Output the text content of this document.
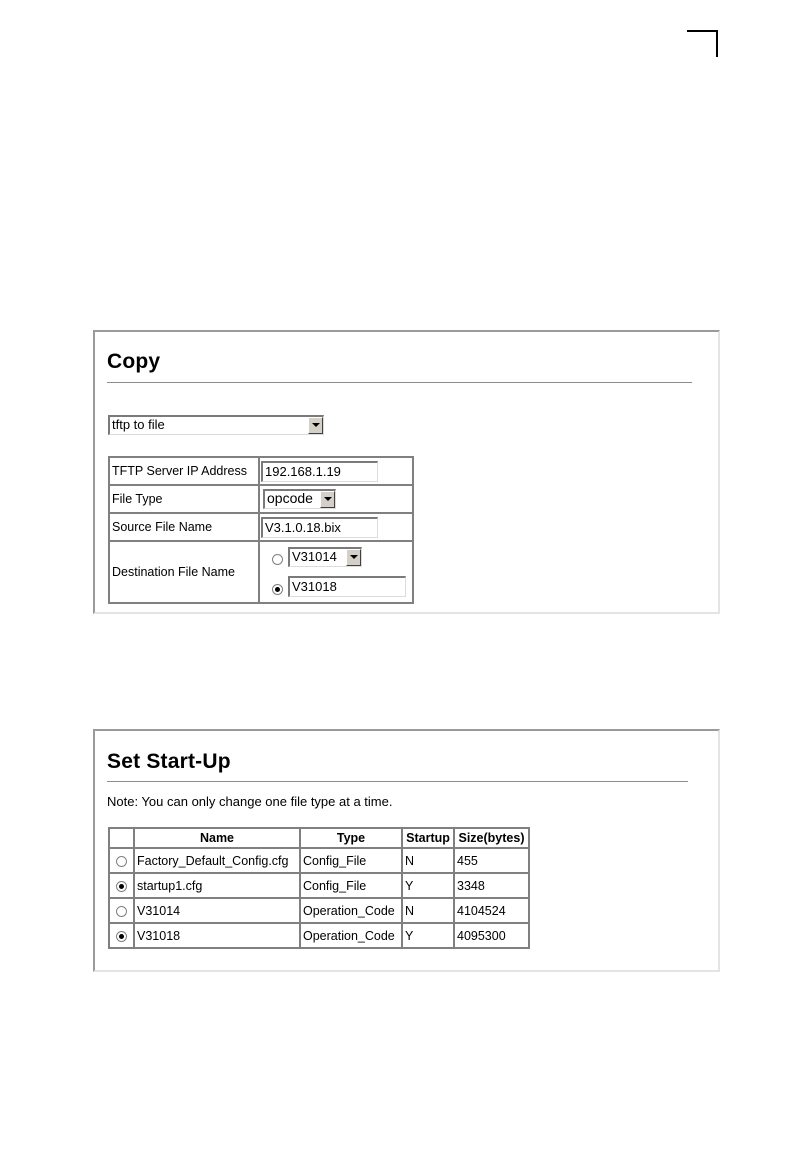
Copy
tftp to file
TFTP Server IP Address	192.168.1.19

File Type	opcode

Source File Name	V3.1.0.18.bix

Destination File Name	V31014
V31018
Set Start-Up
Note: You can only change one file type at a time.
	Name	Type	Startup	Size(bytes)
	Factory_Default_Config.cfg	Config_File	N	455
	startup1.cfg	Config_File	Y	3348
	V31014	Operation_Code	N	4104524
	V31018	Operation_Code	Y	4095300
